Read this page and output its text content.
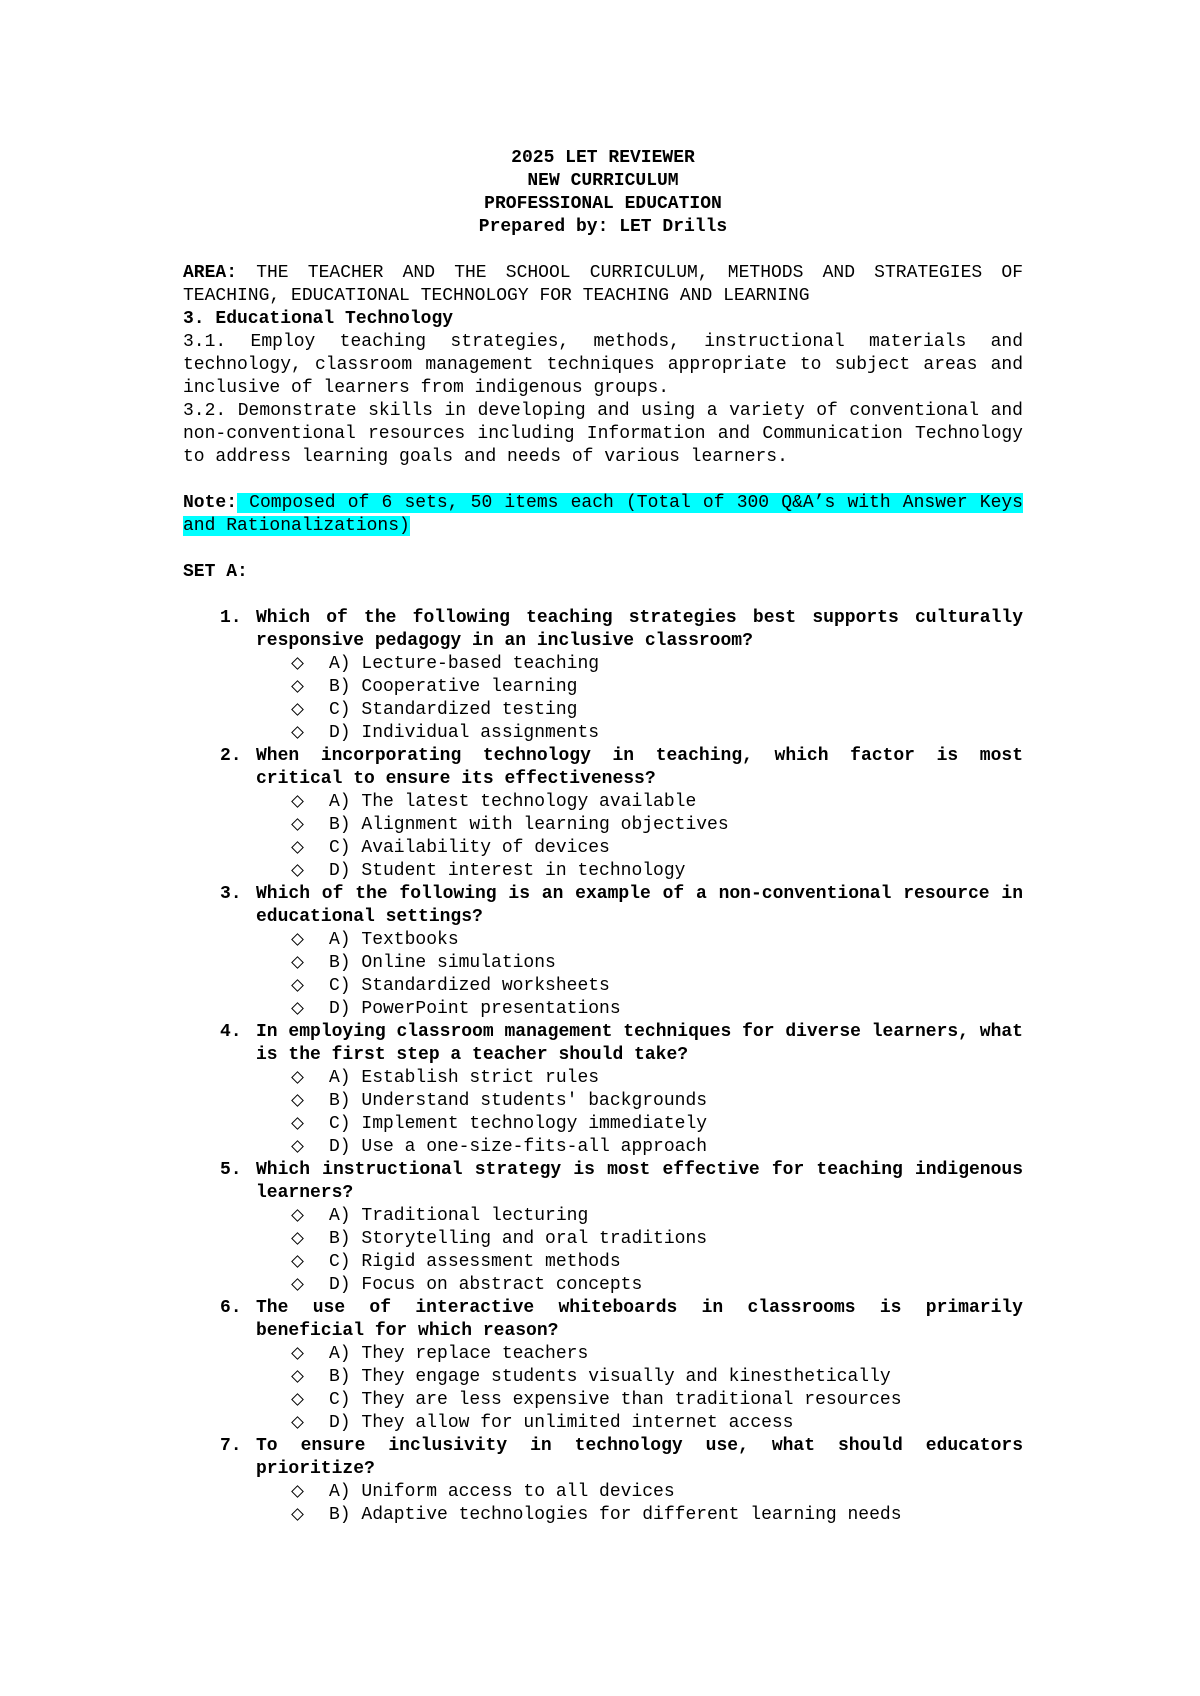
2025 LET REVIEWER
NEW CURRICULUM
PROFESSIONAL EDUCATION
Prepared by: LET Drills
AREA: THE TEACHER AND THE SCHOOL CURRICULUM, METHODS AND STRATEGIES OF TEACHING, EDUCATIONAL TECHNOLOGY FOR TEACHING AND LEARNING
3. Educational Technology
3.1. Employ teaching strategies, methods, instructional materials and technology, classroom management techniques appropriate to subject areas and inclusive of learners from indigenous groups.
3.2. Demonstrate skills in developing and using a variety of conventional and non-conventional resources including Information and Communication Technology to address learning goals and needs of various learners.
Note: Composed of 6 sets, 50 items each (Total of 300 Q&A’s with Answer Keys and Rationalizations)
SET A:
1. Which of the following teaching strategies best supports culturally responsive pedagogy in an inclusive classroom?
A) Lecture-based teaching
B) Cooperative learning
C) Standardized testing
D) Individual assignments
2. When incorporating technology in teaching, which factor is most critical to ensure its effectiveness?
A) The latest technology available
B) Alignment with learning objectives
C) Availability of devices
D) Student interest in technology
3. Which of the following is an example of a non-conventional resource in educational settings?
A) Textbooks
B) Online simulations
C) Standardized worksheets
D) PowerPoint presentations
4. In employing classroom management techniques for diverse learners, what is the first step a teacher should take?
A) Establish strict rules
B) Understand students' backgrounds
C) Implement technology immediately
D) Use a one-size-fits-all approach
5. Which instructional strategy is most effective for teaching indigenous learners?
A) Traditional lecturing
B) Storytelling and oral traditions
C) Rigid assessment methods
D) Focus on abstract concepts
6. The use of interactive whiteboards in classrooms is primarily beneficial for which reason?
A) They replace teachers
B) They engage students visually and kinesthetically
C) They are less expensive than traditional resources
D) They allow for unlimited internet access
7. To ensure inclusivity in technology use, what should educators prioritize?
A) Uniform access to all devices
B) Adaptive technologies for different learning needs
